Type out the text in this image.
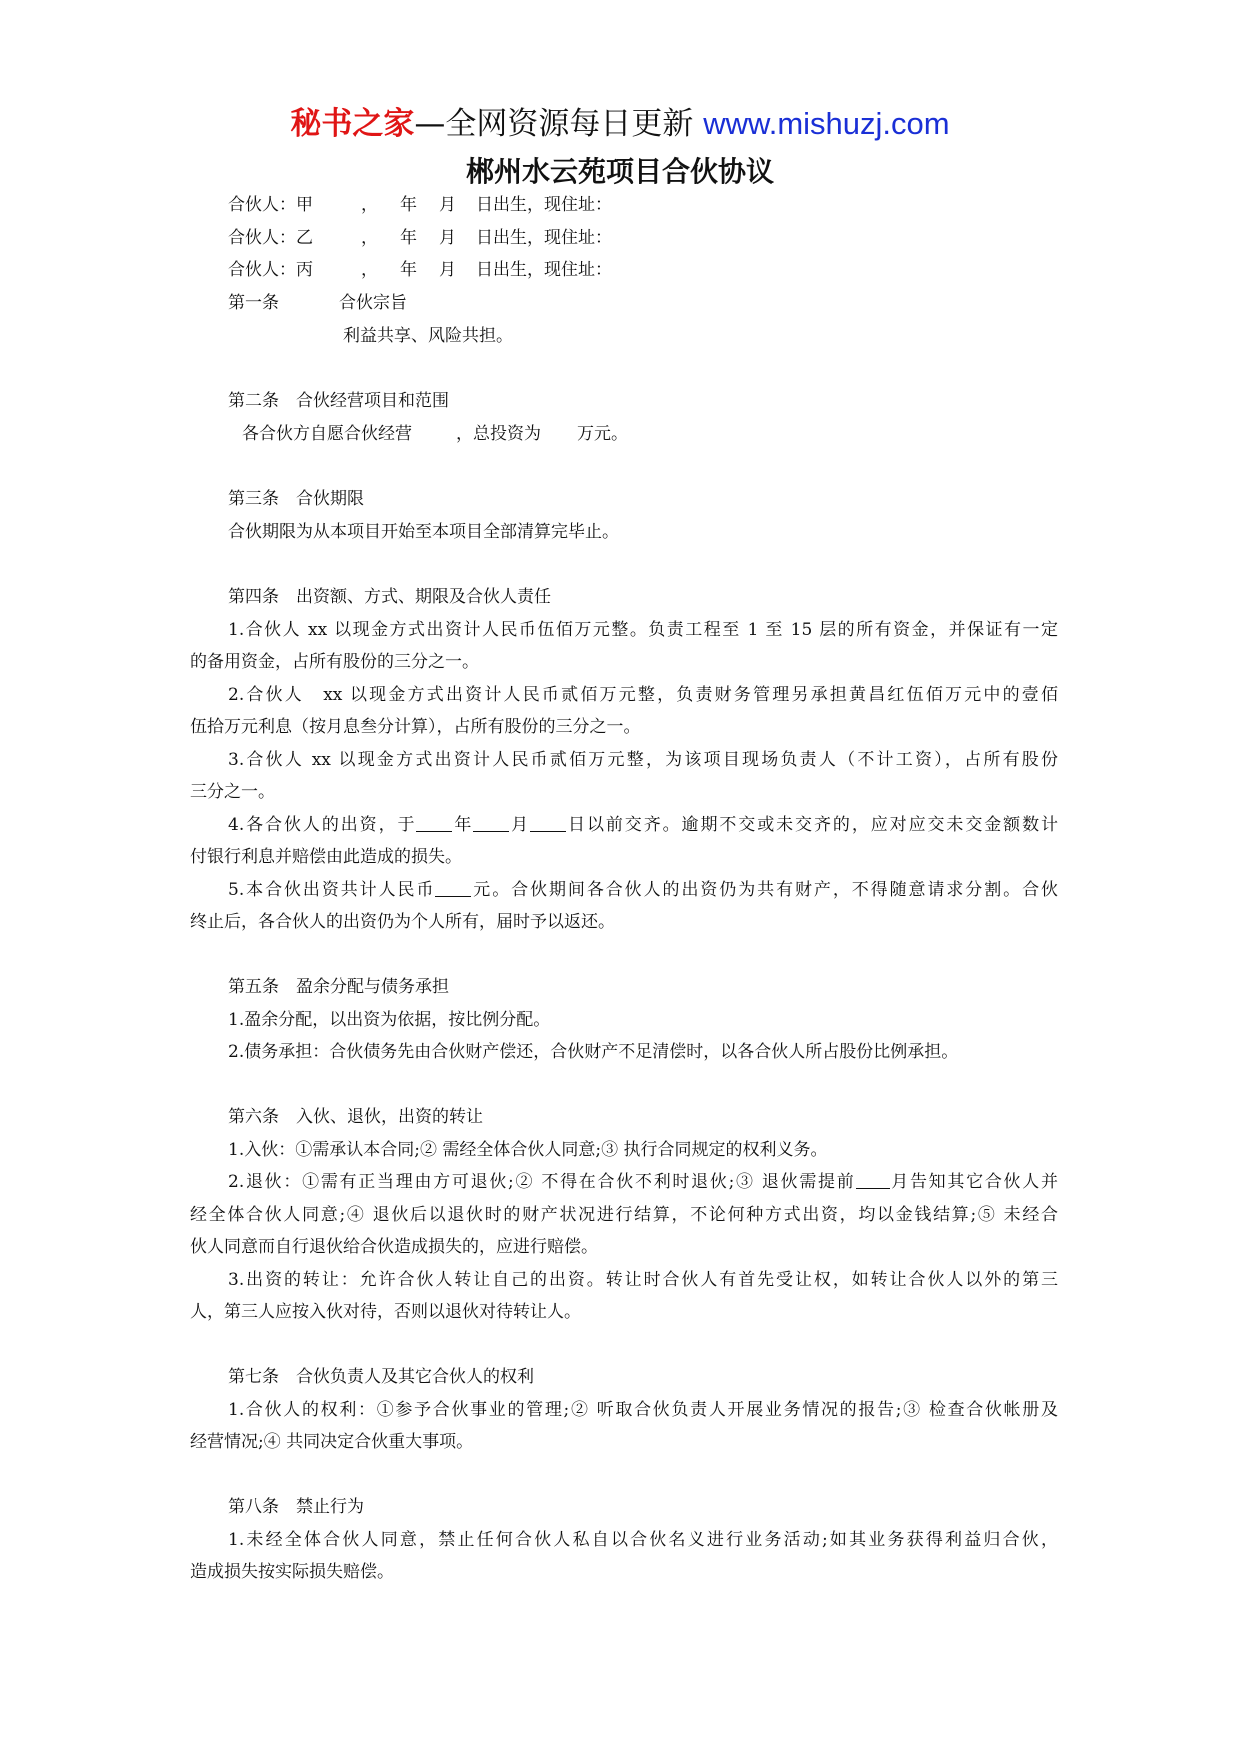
秘书之家—全网资源每日更新 www.mishuzj.com
郴州水云苑项目合伙协议
合伙人：甲	， 年 月 日出生，现住址：
合伙人：乙	， 年 月 日出生，现住址：
合伙人：丙	， 年 月 日出生，现住址：
第一条	合伙宗旨
利益共享、风险共担。
第二条　合伙经营项目和范围
各合伙方自愿合伙经营	，总投资为 万元。
第三条　合伙期限
合伙期限为从本项目开始至本项目全部清算完毕止。
第四条　出资额、方式、期限及合伙人责任
1.合伙人 xx 以现金方式出资计人民币伍佰万元整。负责工程至 1 至 15 层的所有资金，并保证有一定
的备用资金，占所有股份的三分之一。
2.合伙人　 xx 以现金方式出资计人民币贰佰万元整，负责财务管理另承担黄昌红伍佰万元中的壹佰
伍拾万元利息（按月息叁分计算），占所有股份的三分之一。
3.合伙人 xx 以现金方式出资计人民币贰佰万元整，为该项目现场负责人（不计工资），占所有股份
三分之一。
4.各合伙人的出资，于 年 月 日以前交齐。逾期不交或未交齐的，应对应交未交金额数计
付银行利息并赔偿由此造成的损失。
5.本合伙出资共计人民币 元。合伙期间各合伙人的出资仍为共有财产，不得随意请求分割。合伙
终止后，各合伙人的出资仍为个人所有，届时予以返还。
第五条　盈余分配与债务承担
1.盈余分配，以出资为依据，按比例分配。
2.债务承担：合伙债务先由合伙财产偿还，合伙财产不足清偿时，以各合伙人所占股份比例承担。
第六条　入伙、退伙，出资的转让
1.入伙：①需承认本合同;② 需经全体合伙人同意;③ 执行合同规定的权利义务。
2.退伙：①需有正当理由方可退伙;② 不得在合伙不利时退伙;③ 退伙需提前 月告知其它合伙人并
经全体合伙人同意;④ 退伙后以退伙时的财产状况进行结算，不论何种方式出资，均以金钱结算;⑤ 未经合
伙人同意而自行退伙给合伙造成损失的，应进行赔偿。
3.出资的转让：允许合伙人转让自己的出资。转让时合伙人有首先受让权，如转让合伙人以外的第三
人，第三人应按入伙对待，否则以退伙对待转让人。
第七条　合伙负责人及其它合伙人的权利
1.合伙人的权利：①参予合伙事业的管理;② 听取合伙负责人开展业务情况的报告;③ 检查合伙帐册及
经营情况;④ 共同决定合伙重大事项。
第八条　禁止行为
1.未经全体合伙人同意，禁止任何合伙人私自以合伙名义进行业务活动;如其业务获得利益归合伙，
造成损失按实际损失赔偿。
